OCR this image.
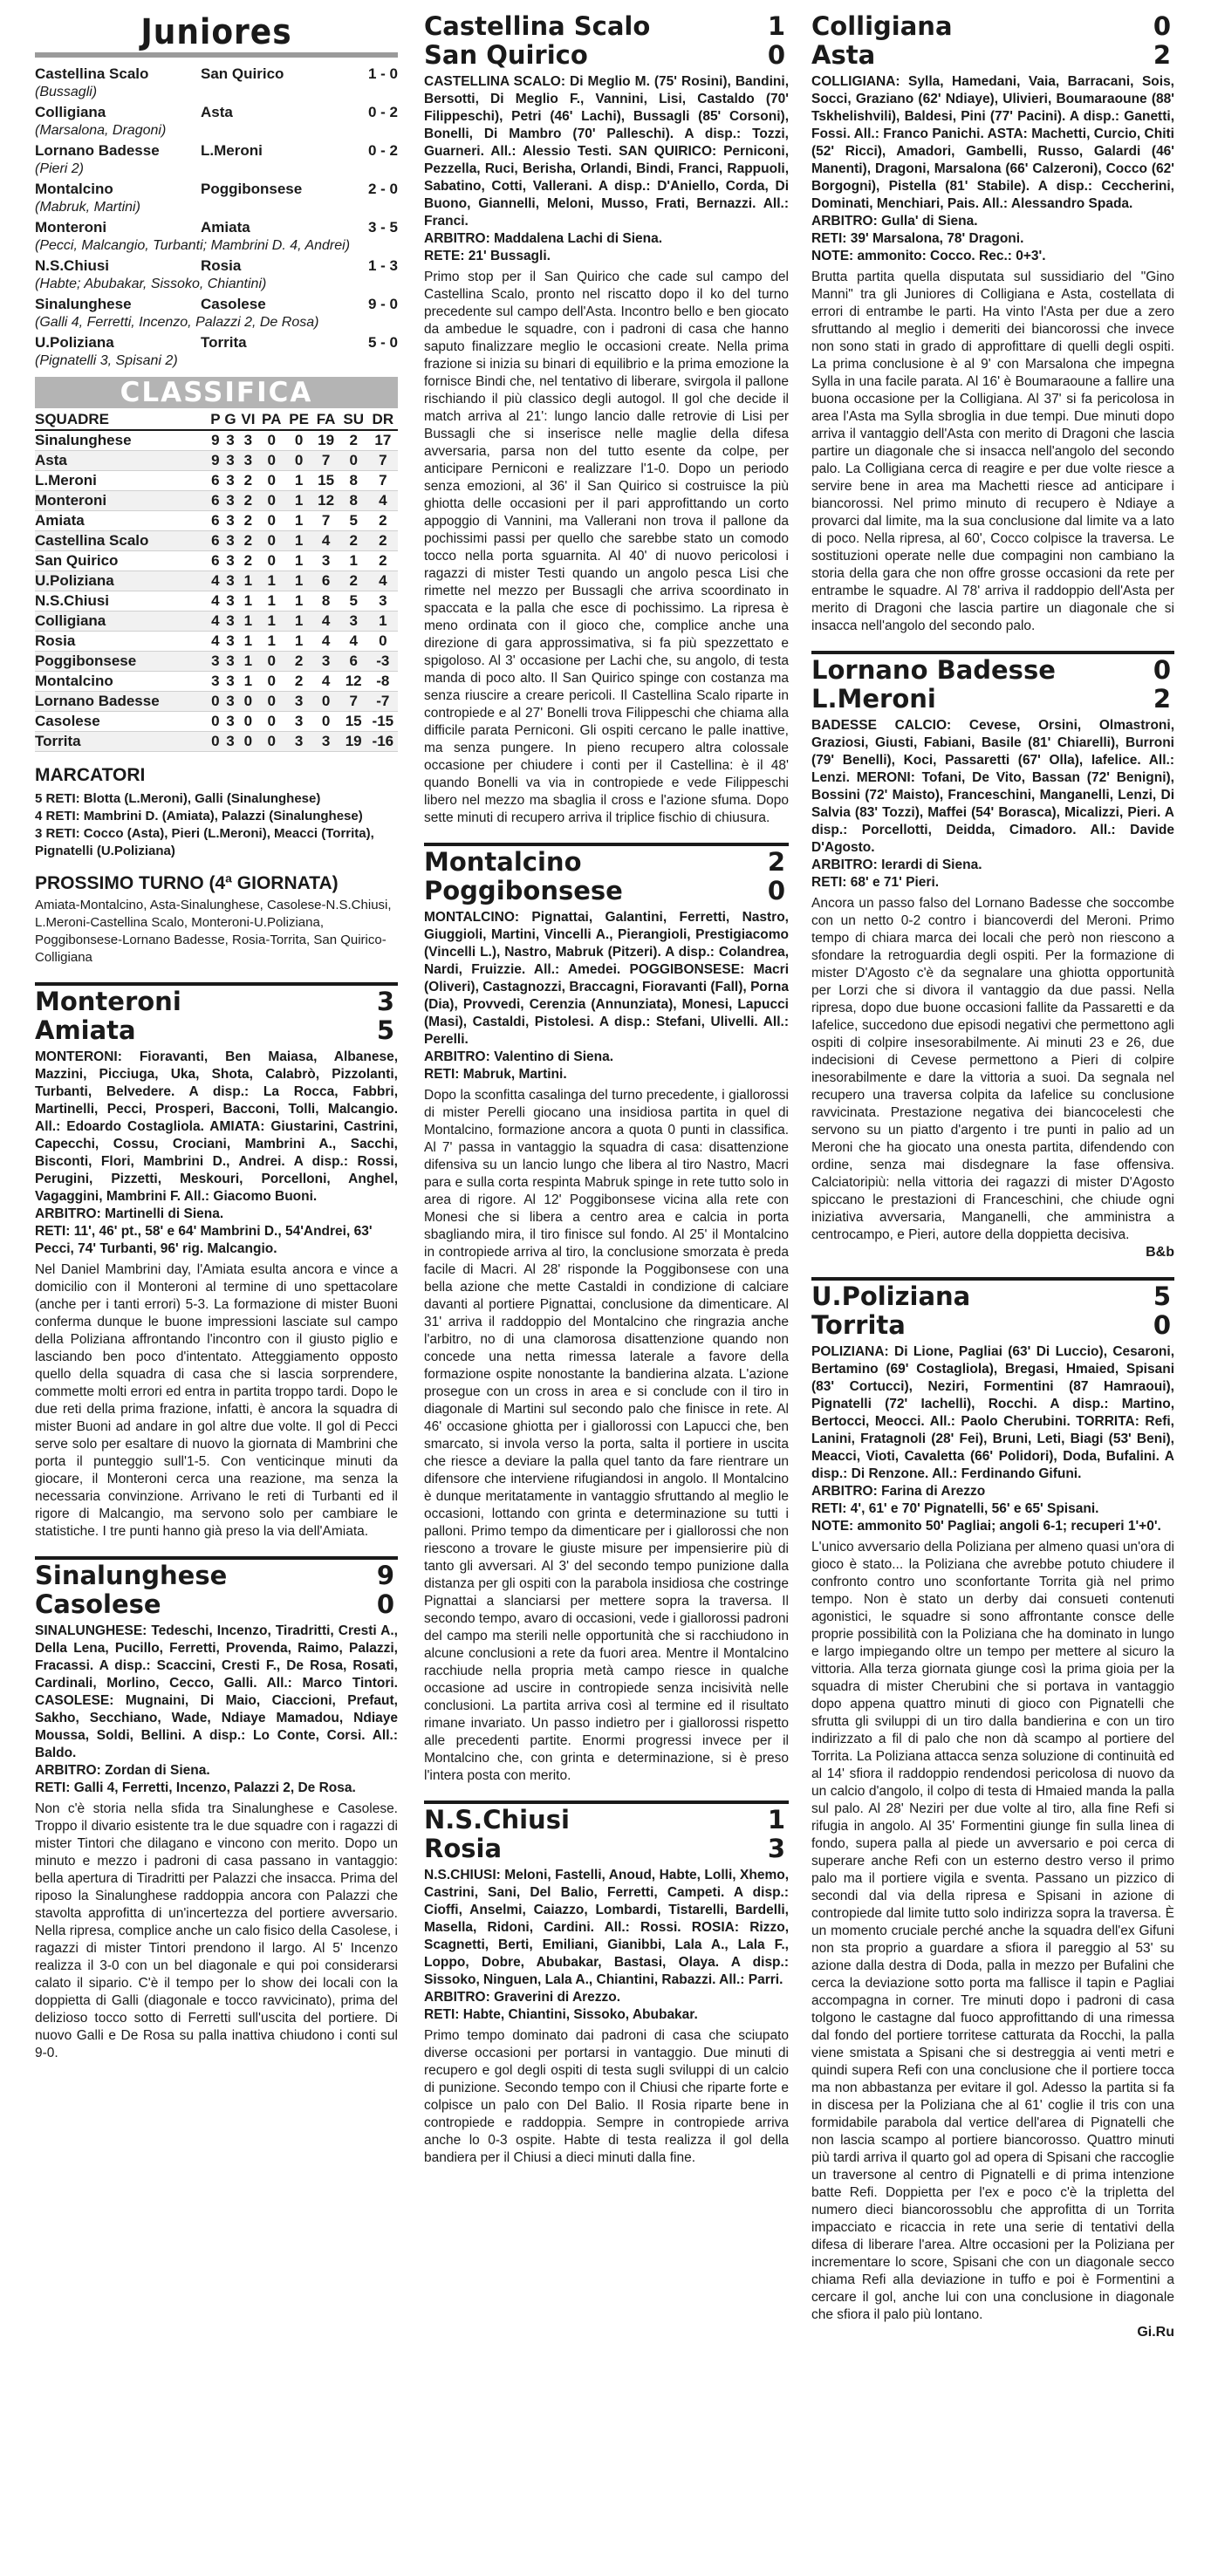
Juniores
Castellina Scalo	San Quirico	1 - 0
(Bussagli)		
Colligiana	Asta	0 - 2
(Marsalona, Dragoni)		
Lornano Badesse	L.Meroni	0 - 2
(Pieri 2)		
Montalcino	Poggibonsese	2 - 0
(Mabruk, Martini)		
Monteroni	Amiata	3 - 5
(Pecci, Malcangio, Turbanti; Mambrini D. 4, Andrei)		
N.S.Chiusi	Rosia	1 - 3
(Habte; Abubakar, Sissoko, Chiantini)		
Sinalunghese	Casolese	9 - 0
(Galli 4, Ferretti, Incenzo, Palazzi 2, De Rosa)		
U.Poliziana	Torrita	5 - 0
(Pignatelli 3, Spisani 2)		
CLASSIFICA
SQUADRE	P	G	VI	PA	PE	FA	SU	DR
Sinalunghese	9	3	3	0	0	19	2	17
Asta	9	3	3	0	0	7	0	7
L.Meroni	6	3	2	0	1	15	8	7
Monteroni	6	3	2	0	1	12	8	4
Amiata	6	3	2	0	1	7	5	2
Castellina Scalo	6	3	2	0	1	4	2	2
San Quirico	6	3	2	0	1	3	1	2
U.Poliziana	4	3	1	1	1	6	2	4
N.S.Chiusi	4	3	1	1	1	8	5	3
Colligiana	4	3	1	1	1	4	3	1
Rosia	4	3	1	1	1	4	4	0
Poggibonsese	3	3	1	0	2	3	6	-3
Montalcino	3	3	1	0	2	4	12	-8
Lornano Badesse	0	3	0	0	3	0	7	-7
Casolese	0	3	0	0	3	0	15	-15
Torrita	0	3	0	0	3	3	19	-16
MARCATORI
5 RETI: Blotta (L.Meroni), Galli (Sinalunghese)
4 RETI: Mambrini D. (Amiata), Palazzi (Sinalunghese)
3 RETI: Cocco (Asta), Pieri (L.Meroni), Meacci (Torrita), Pignatelli (U.Poliziana)
PROSSIMO TURNO (4ª GIORNATA)
Amiata-Montalcino, Asta-Sinalunghese, Casolese-N.S.Chiusi, L.Meroni-Castellina Scalo, Monteroni-U.Poliziana, Poggibonsese-Lornano Badesse, Rosia-Torrita, San Quirico-Colligiana
Monteroni	3
Amiata	5
MONTERONI: Fioravanti, Ben Maiasa, Albanese, Mazzini, Picciuga, Uka, Shota, Calabrò, Pizzolanti, Turbanti, Belvedere. A disp.: La Rocca, Fabbri, Martinelli, Pecci, Prosperi, Bacconi, Tolli, Malcangio. All.: Edoardo Costagliola. AMIATA: Giustarini, Castrini, Capecchi, Cossu, Crociani, Mambrini A., Sacchi, Bisconti, Flori, Mambrini D., Andrei. A disp.: Rossi, Perugini, Pizzetti, Meskouri, Porcelloni, Anghel, Vagaggini, Mambrini F. All.: Giacomo Buoni.
ARBITRO: Martinelli di Siena.
RETI: 11', 46' pt., 58' e 64' Mambrini D., 54'Andrei, 63' Pecci, 74' Turbanti, 96' rig. Malcangio.
Nel Daniel Mambrini day, l'Amiata esulta ancora e vince a domicilio con il Monteroni al termine di uno spettacolare (anche per i tanti errori) 5-3. La formazione di mister Buoni conferma dunque le buone impressioni lasciate sul campo della Poliziana affrontando l'incontro con il giusto piglio e lasciando ben poco d'intentato. Atteggiamento opposto quello della squadra di casa che si lascia sorprendere, commette molti errori ed entra in partita troppo tardi. Dopo le due reti della prima frazione, infatti, è ancora la squadra di mister Buoni ad andare in gol altre due volte. Il gol di Pecci serve solo per esaltare di nuovo la giornata di Mambrini che porta il punteggio sull'1-5. Con venticinque minuti da giocare, il Monteroni cerca una reazione, ma senza la necessaria convinzione. Arrivano le reti di Turbanti ed il rigore di Malcangio, ma servono solo per cambiare le statistiche. I tre punti hanno già preso la via dell'Amiata.
Sinalunghese	9
Casolese	0
SINALUNGHESE: Tedeschi, Incenzo, Tiradritti, Cresti A., Della Lena, Pucillo, Ferretti, Provenda, Raimo, Palazzi, Fracassi. A disp.: Scaccini, Cresti F., De Rosa, Rosati, Cardinali, Morlino, Cecco, Galli. All.: Marco Tintori. CASOLESE: Mugnaini, Di Maio, Ciaccioni, Prefaut, Sakho, Secchiano, Wade, Ndiaye Mamadou, Ndiaye Moussa, Soldi, Bellini. A disp.: Lo Conte, Corsi. All.: Baldo.
ARBITRO: Zordan di Siena.
RETI: Galli 4, Ferretti, Incenzo, Palazzi 2, De Rosa.
Non c'è storia nella sfida tra Sinalunghese e Casolese. Troppo il divario esistente tra le due squadre con i ragazzi di mister Tintori che dilagano e vincono con merito. Dopo un minuto e mezzo i padroni di casa passano in vantaggio: bella apertura di Tiradritti per Palazzi che insacca. Prima del riposo la Sinalunghese raddoppia ancora con Palazzi che stavolta approfitta di un'incertezza del portiere avversario. Nella ripresa, complice anche un calo fisico della Casolese, i ragazzi di mister Tintori prendono il largo. Al 5' Incenzo realizza il 3-0 con un bel diagonale e qui poi considerarsi calato il sipario. C'è il tempo per lo show dei locali con la doppietta di Galli (diagonale e tocco ravvicinato), prima del delizioso tocco sotto di Ferretti sull'uscita del portiere. Di nuovo Galli e De Rosa su palla inattiva chiudono i conti sul 9-0.
Castellina Scalo	1
San Quirico	0
CASTELLINA SCALO: Di Meglio M. (75' Rosini), Bandini, Bersotti, Di Meglio F., Vannini, Lisi, Castaldo (70' Filippeschi), Petri (46' Lachi), Bussagli (85' Corsoni), Bonelli, Di Mambro (70' Palleschi). A disp.: Tozzi, Guarneri. All.: Alessio Testi. SAN QUIRICO: Perniconi, Pezzella, Ruci, Berisha, Orlandi, Bindi, Franci, Rappuoli, Sabatino, Cotti, Vallerani. A disp.: D'Aniello, Corda, Di Buono, Giannelli, Meloni, Musso, Frati, Bernazzi. All.: Franci.
ARBITRO: Maddalena Lachi di Siena.
RETE: 21' Bussagli.
Primo stop per il San Quirico che cade sul campo del Castellina Scalo, pronto nel riscatto dopo il ko del turno precedente sul campo dell'Asta. Incontro bello e ben giocato da ambedue le squadre, con i padroni di casa che hanno saputo finalizzare meglio le occasioni create. Nella prima frazione si inizia su binari di equilibrio e la prima emozione la fornisce Bindi che, nel tentativo di liberare, svirgola il pallone rischiando il più classico degli autogol. Il gol che decide il match arriva al 21': lungo lancio dalle retrovie di Lisi per Bussagli che si inserisce nelle maglie della difesa avversaria, parsa non del tutto esente da colpe, per anticipare Perniconi e realizzare l'1-0. Dopo un periodo senza emozioni, al 36' il San Quirico si costruisce la più ghiotta delle occasioni per il pari approfittando un corto appoggio di Vannini, ma Vallerani non trova il pallone da pochissimi passi per quello che sarebbe stato un comodo tocco nella porta sguarnita. Al 40' di nuovo pericolosi i ragazzi di mister Testi quando un angolo pesca Lisi che rimette nel mezzo per Bussagli che arriva scoordinato in spaccata e la palla che esce di pochissimo. La ripresa è meno ordinata con il gioco che, complice anche una direzione di gara approssimativa, si fa più spezzettato e spigoloso. Al 3' occasione per Lachi che, su angolo, di testa manda di poco alto. Il San Quirico spinge con costanza ma senza riuscire a creare pericoli. Il Castellina Scalo riparte in contropiede e al 27' Bonelli trova Filippeschi che chiama alla difficile parata Perniconi. Gli ospiti cercano le palle inattive, ma senza pungere. In pieno recupero altra colossale occasione per chiudere i conti per il Castellina: è il 48' quando Bonelli va via in contropiede e vede Filippeschi libero nel mezzo ma sbaglia il cross e l'azione sfuma. Dopo sette minuti di recupero arriva il triplice fischio di chiusura.
Montalcino	2
Poggibonsese	0
MONTALCINO: Pignattai, Galantini, Ferretti, Nastro, Giuggioli, Martini, Vincelli A., Pierangioli, Prestigiacomo (Vincelli L.), Nastro, Mabruk (Pitzeri). A disp.: Colandrea, Nardi, Fruizzie. All.: Amedei. POGGIBONSESE: Macri (Oliveri), Castagnozzi, Braccagni, Fioravanti (Fall), Porna (Dia), Provvedi, Cerenzia (Annunziata), Monesi, Lapucci (Masi), Castaldi, Pistolesi. A disp.: Stefani, Ulivelli. All.: Perelli.
ARBITRO: Valentino di Siena.
RETI: Mabruk, Martini.
Dopo la sconfitta casalinga del turno precedente, i giallorossi di mister Perelli giocano una insidiosa partita in quel di Montalcino, formazione ancora a quota 0 punti in classifica. Al 7' passa in vantaggio la squadra di casa: disattenzione difensiva su un lancio lungo che libera al tiro Nastro, Macri para e sulla corta respinta Mabruk spinge in rete tutto solo in area di rigore. Al 12' Poggibonsese vicina alla rete con Monesi che si libera a centro area e calcia in porta sbagliando mira, il tiro finisce sul fondo. Al 25' il Montalcino in contropiede arriva al tiro, la conclusione smorzata è preda facile di Macri. Al 28' risponde la Poggibonsese con una bella azione che mette Castaldi in condizione di calciare davanti al portiere Pignattai, conclusione da dimenticare. Al 31' arriva il raddoppio del Montalcino che ringrazia anche l'arbitro, no di una clamorosa disattenzione quando non concede una netta rimessa laterale a favore della formazione ospite nonostante la bandierina alzata. L'azione prosegue con un cross in area e si conclude con il tiro in diagonale di Martini sul secondo palo che finisce in rete. Al 46' occasione ghiotta per i giallorossi con Lapucci che, ben smarcato, si invola verso la porta, salta il portiere in uscita che riesce a deviare la palla quel tanto da fare rientrare un difensore che interviene rifugiandosi in angolo. Il Montalcino è dunque meritatamente in vantaggio sfruttando al meglio le occasioni, lottando con grinta e determinazione su tutti i palloni. Primo tempo da dimenticare per i giallorossi che non riescono a trovare le giuste misure per impensierire più di tanto gli avversari. Al 3' del secondo tempo punizione dalla distanza per gli ospiti con la parabola insidiosa che costringe Pignattai a slanciarsi per mettere sopra la traversa. Il secondo tempo, avaro di occasioni, vede i giallorossi padroni del campo ma sterili nelle opportunità che si racchiudono in alcune conclusioni a rete da fuori area. Mentre il Montalcino racchiude nella propria metà campo riesce in qualche occasione ad uscire in contropiede senza incisività nelle conclusioni. La partita arriva così al termine ed il risultato rimane invariato. Un passo indietro per i giallorossi rispetto alle precedenti partite. Enormi progressi invece per il Montalcino che, con grinta e determinazione, si è preso l'intera posta con merito.
N.S.Chiusi	1
Rosia	3
N.S.CHIUSI: Meloni, Fastelli, Anoud, Habte, Lolli, Xhemo, Castrini, Sani, Del Balio, Ferretti, Campeti. A disp.: Cioffi, Anselmi, Caiazzo, Lombardi, Tistarelli, Bardelli, Masella, Ridoni, Cardini. All.: Rossi. ROSIA: Rizzo, Scagnetti, Berti, Emiliani, Gianibbi, Lala A., Lala F., Loppo, Dobre, Abubakar, Bastasi, Olaya. A disp.: Sissoko, Ninguen, Lala A., Chiantini, Rabazzi. All.: Parri.
ARBITRO: Graverini di Arezzo.
RETI: Habte, Chiantini, Sissoko, Abubakar.
Primo tempo dominato dai padroni di casa che sciupato diverse occasioni per portarsi in vantaggio. Due minuti di recupero e gol degli ospiti di testa sugli sviluppi di un calcio di punizione. Secondo tempo con il Chiusi che riparte forte e colpisce un palo con Del Balio. Il Rosia riparte bene in contropiede e raddoppia. Sempre in contropiede arriva anche lo 0-3 ospite. Habte di testa realizza il gol della bandiera per il Chiusi a dieci minuti dalla fine.
Colligiana	0
Asta	2
COLLIGIANA: Sylla, Hamedani, Vaia, Barracani, Sois, Socci, Graziano (62' Ndiaye), Ulivieri, Boumaraoune (88' Tskhelishvili), Baldesi, Pini (77' Pacini). A disp.: Ganetti, Fossi. All.: Franco Panichi. ASTA: Machetti, Curcio, Chiti (52' Ricci), Amadori, Gambelli, Russo, Galardi (46' Manenti), Dragoni, Marsalona (66' Calzeroni), Cocco (62' Borgogni), Pistella (81' Stabile). A disp.: Ceccherini, Dominati, Menchiari, Pais. All.: Alessandro Spada.
ARBITRO: Gulla' di Siena.
RETI: 39' Marsalona, 78' Dragoni.
NOTE: ammonito: Cocco. Rec.: 0+3'.
Brutta partita quella disputata sul sussidiario del "Gino Manni" tra gli Juniores di Colligiana e Asta, costellata di errori di entrambe le parti. Ha vinto l'Asta per due a zero sfruttando al meglio i demeriti dei biancorossi che invece non sono stati in grado di approfittare di quelli degli ospiti. La prima conclusione è al 9' con Marsalona che impegna Sylla in una facile parata. Al 16' è Boumaraoune a fallire una buona occasione per la Colligiana. Al 37' si fa pericolosa in area l'Asta ma Sylla sbroglia in due tempi. Due minuti dopo arriva il vantaggio dell'Asta con merito di Dragoni che lascia partire un diagonale che si insacca nell'angolo del secondo palo. La Colligiana cerca di reagire e per due volte riesce a servire bene in area ma Machetti riesce ad anticipare i biancorossi. Nel primo minuto di recupero è Ndiaye a provarci dal limite, ma la sua conclusione dal limite va a lato di poco. Nella ripresa, al 60', Cocco colpisce la traversa. Le sostituzioni operate nelle due compagini non cambiano la storia della gara che non offre grosse occasioni da rete per entrambe le squadre. Al 78' arriva il raddoppio dell'Asta per merito di Dragoni che lascia partire un diagonale che si insacca nell'angolo del secondo palo.
Lornano Badesse	0
L.Meroni	2
BADESSE CALCIO: Cevese, Orsini, Olmastroni, Graziosi, Giusti, Fabiani, Basile (81' Chiarelli), Burroni (79' Benelli), Koci, Passaretti (67' Olla), Iafelice. All.: Lenzi. MERONI: Tofani, De Vito, Bassan (72' Benigni), Bossini (72' Maisto), Franceschini, Manganelli, Lenzi, Di Salvia (83' Tozzi), Maffei (54' Borasca), Micalizzi, Pieri. A disp.: Porcellotti, Deidda, Cimadoro. All.: Davide D'Agosto.
ARBITRO: Ierardi di Siena.
RETI: 68' e 71' Pieri.
Ancora un passo falso del Lornano Badesse che soccombe con un netto 0-2 contro i biancoverdi del Meroni. Primo tempo di chiara marca dei locali che però non riescono a sfondare la retroguardia degli ospiti. Per la formazione di mister D'Agosto c'è da segnalare una ghiotta opportunità per Lorzi che si divora il vantaggio da due passi. Nella ripresa, dopo due buone occasioni fallite da Passaretti e da Iafelice, succedono due episodi negativi che permettono agli ospiti di colpire insesorabilmente. Ai minuti 23 e 26, due indecisioni di Cevese permettono a Pieri di colpire inesorabilmente e dare la vittoria a suoi. Da segnala nel recupero una traversa colpita da Iafelice su conclusione ravvicinata. Prestazione negativa dei biancocelesti che servono su un piatto d'argento i tre punti in palio ad un Meroni che ha giocato una onesta partita, difendendo con ordine, senza mai disdegnare la fase offensiva. Calciatoripiù: nella vittoria dei ragazzi di mister D'Agosto spiccano le prestazioni di Franceschini, che chiude ogni iniziativa avversaria, Manganelli, che amministra a centrocampo, e Pieri, autore della doppietta decisiva.
B&b
U.Poliziana	5
Torrita	0
POLIZIANA: Di Lione, Pagliai (63' Di Luccio), Cesaroni, Bertamino (69' Costagliola), Bregasi, Hmaied, Spisani (83' Cortucci), Neziri, Formentini (87 Hamraoui), Pignatelli (72' Iachelli), Rocchi. A disp.: Martino, Bertocci, Meocci. All.: Paolo Cherubini. TORRITA: Refi, Lanini, Fratagnoli (28' Fei), Bruni, Leti, Biagi (53' Beni), Meacci, Vioti, Cavaletta (66' Polidori), Doda, Bufalini. A disp.: Di Renzone. All.: Ferdinando Gifuni.
ARBITRO: Farina di Arezzo
RETI: 4', 61' e 70' Pignatelli, 56' e 65' Spisani.
NOTE: ammonito 50' Pagliai; angoli 6-1; recuperi 1'+0'.
L'unico avversario della Poliziana per almeno quasi un'ora di gioco è stato... la Poliziana che avrebbe potuto chiudere il confronto contro uno sconfortante Torrita già nel primo tempo. Non è stato un derby dai consueti contenuti agonistici, le squadre si sono affrontante consce delle proprie possibilità con la Poliziana che ha dominato in lungo e largo impiegando oltre un tempo per mettere al sicuro la vittoria. Alla terza giornata giunge così la prima gioia per la squadra di mister Cherubini che si portava in vantaggio dopo appena quattro minuti di gioco con Pignatelli che sfrutta gli sviluppi di un tiro dalla bandierina e con un tiro indirizzato a fil di palo che non dà scampo al portiere del Torrita. La Poliziana attacca senza soluzione di continuità ed al 14' sfiora il raddoppio rendendosi pericolosa di nuovo da un calcio d'angolo, il colpo di testa di Hmaied manda la palla sul palo. Al 28' Neziri per due volte al tiro, alla fine Refi si rifugia in angolo. Al 35' Formentini giunge fin sulla linea di fondo, supera palla al piede un avversario e poi cerca di superare anche Refi con un esterno destro verso il primo palo ma il portiere vigila e sventa. Passano un pizzico di secondi dal via della ripresa e Spisani in azione di contropiede dal limite tutto solo indirizza sopra la traversa. È un momento cruciale perché anche la squadra dell'ex Gifuni non sta proprio a guardare a sfiora il pareggio al 53' su azione dalla destra di Doda, palla in mezzo per Bufalini che cerca la deviazione sotto porta ma fallisce il tapin e Pagliai accompagna in corner. Tre minuti dopo i padroni di casa tolgono le castagne dal fuoco approfittando di una rimessa dal fondo del portiere torritese catturata da Rocchi, la palla viene smistata a Spisani che si destreggia ai venti metri e quindi supera Refi con una conclusione che il portiere tocca ma non abbastanza per evitare il gol. Adesso la partita si fa in discesa per la Poliziana che al 61' coglie il tris con una formidabile parabola dal vertice dell'area di Pignatelli che non lascia scampo al portiere biancorosso. Quattro minuti più tardi arriva il quarto gol ad opera di Spisani che raccoglie un traversone al centro di Pignatelli e di prima intenzione batte Refi. Doppietta per l'ex e poco c'è la tripletta del numero dieci biancorossoblu che approfitta di un Torrita impacciato e ricaccia in rete una serie di tentativi della difesa di liberare l'area. Altre occasioni per la Poliziana per incrementare lo score, Spisani che con un diagonale secco chiama Refi alla deviazione in tuffo e poi è Formentini a cercare il gol, anche lui con una conclusione in diagonale che sfiora il palo più lontano.
Gi.Ru
